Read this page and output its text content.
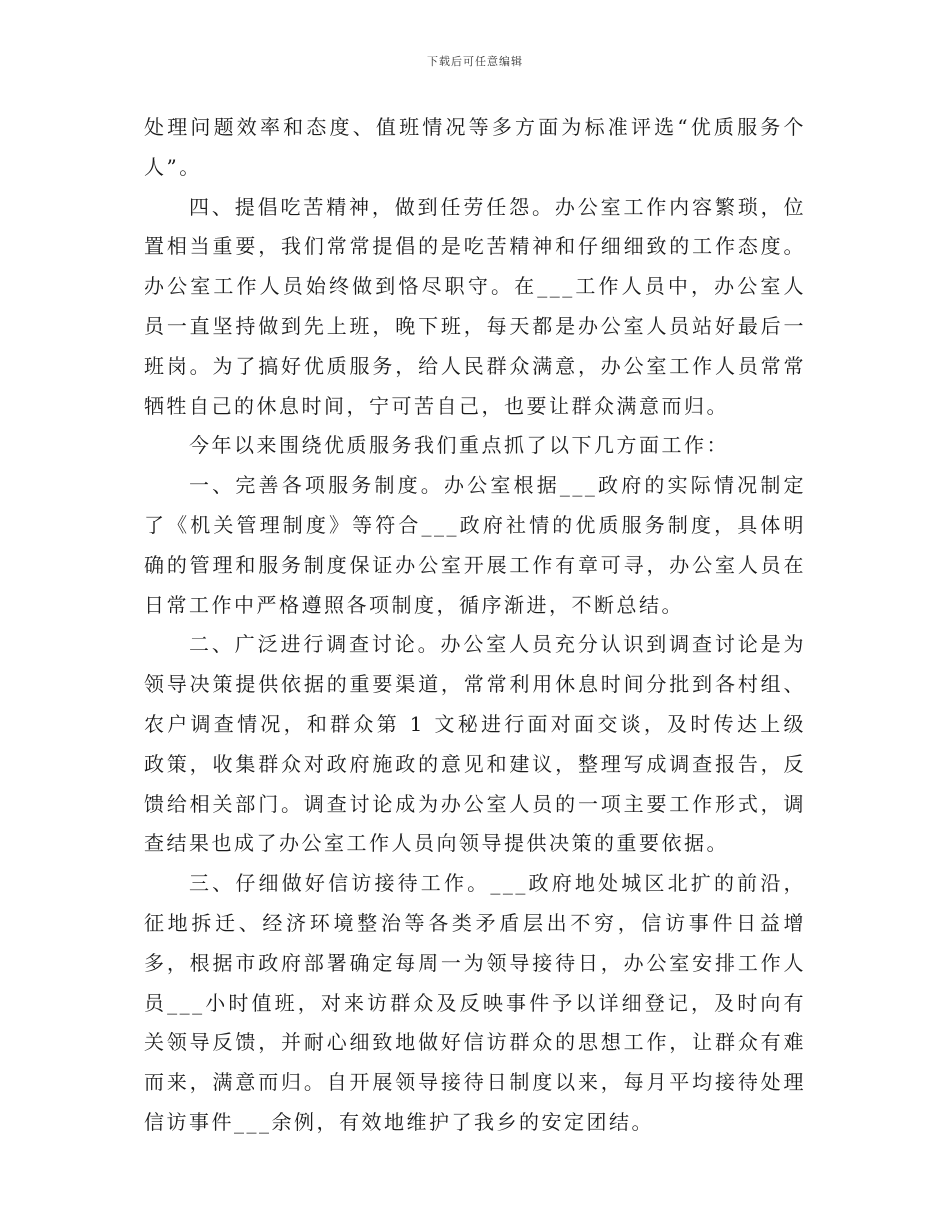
下载后可任意编辑

处理问题效率和态度、值班情况等多方面为标准评选“优质服务个人”。

四、提倡吃苦精神，做到任劳任怨。办公室工作内容繁琐，位置相当重要，我们常常提倡的是吃苦精神和仔细细致的工作态度。办公室工作人员始终做到恪尽职守。在___工作人员中，办公室人员一直坚持做到先上班，晚下班，每天都是办公室人员站好最后一班岗。为了搞好优质服务，给人民群众满意，办公室工作人员常常牺牲自己的休息时间，宁可苦自己，也要让群众满意而归。

今年以来围绕优质服务我们重点抓了以下几方面工作：

一、完善各项服务制度。办公室根据___政府的实际情况制定了《机关管理制度》等符合___政府社情的优质服务制度，具体明确的管理和服务制度保证办公室开展工作有章可寻，办公室人员在日常工作中严格遵照各项制度，循序渐进，不断总结。

二、广泛进行调查讨论。办公室人员充分认识到调查讨论是为领导决策提供依据的重要渠道，常常利用休息时间分批到各村组、农户调查情况，和群众第 1 文秘进行面对面交谈，及时传达上级政策，收集群众对政府施政的意见和建议，整理写成调查报告，反馈给相关部门。调查讨论成为办公室人员的一项主要工作形式，调查结果也成了办公室工作人员向领导提供决策的重要依据。

三、仔细做好信访接待工作。___政府地处城区北扩的前沿，征地拆迁、经济环境整治等各类矛盾层出不穷，信访事件日益增多，根据市政府部署确定每周一为领导接待日，办公室安排工作人员___小时值班，对来访群众及反映事件予以详细登记，及时向有关领导反馈，并耐心细致地做好信访群众的思想工作，让群众有难而来，满意而归。自开展领导接待日制度以来，每月平均接待处理信访事件___余例，有效地维护了我乡的安定团结。
